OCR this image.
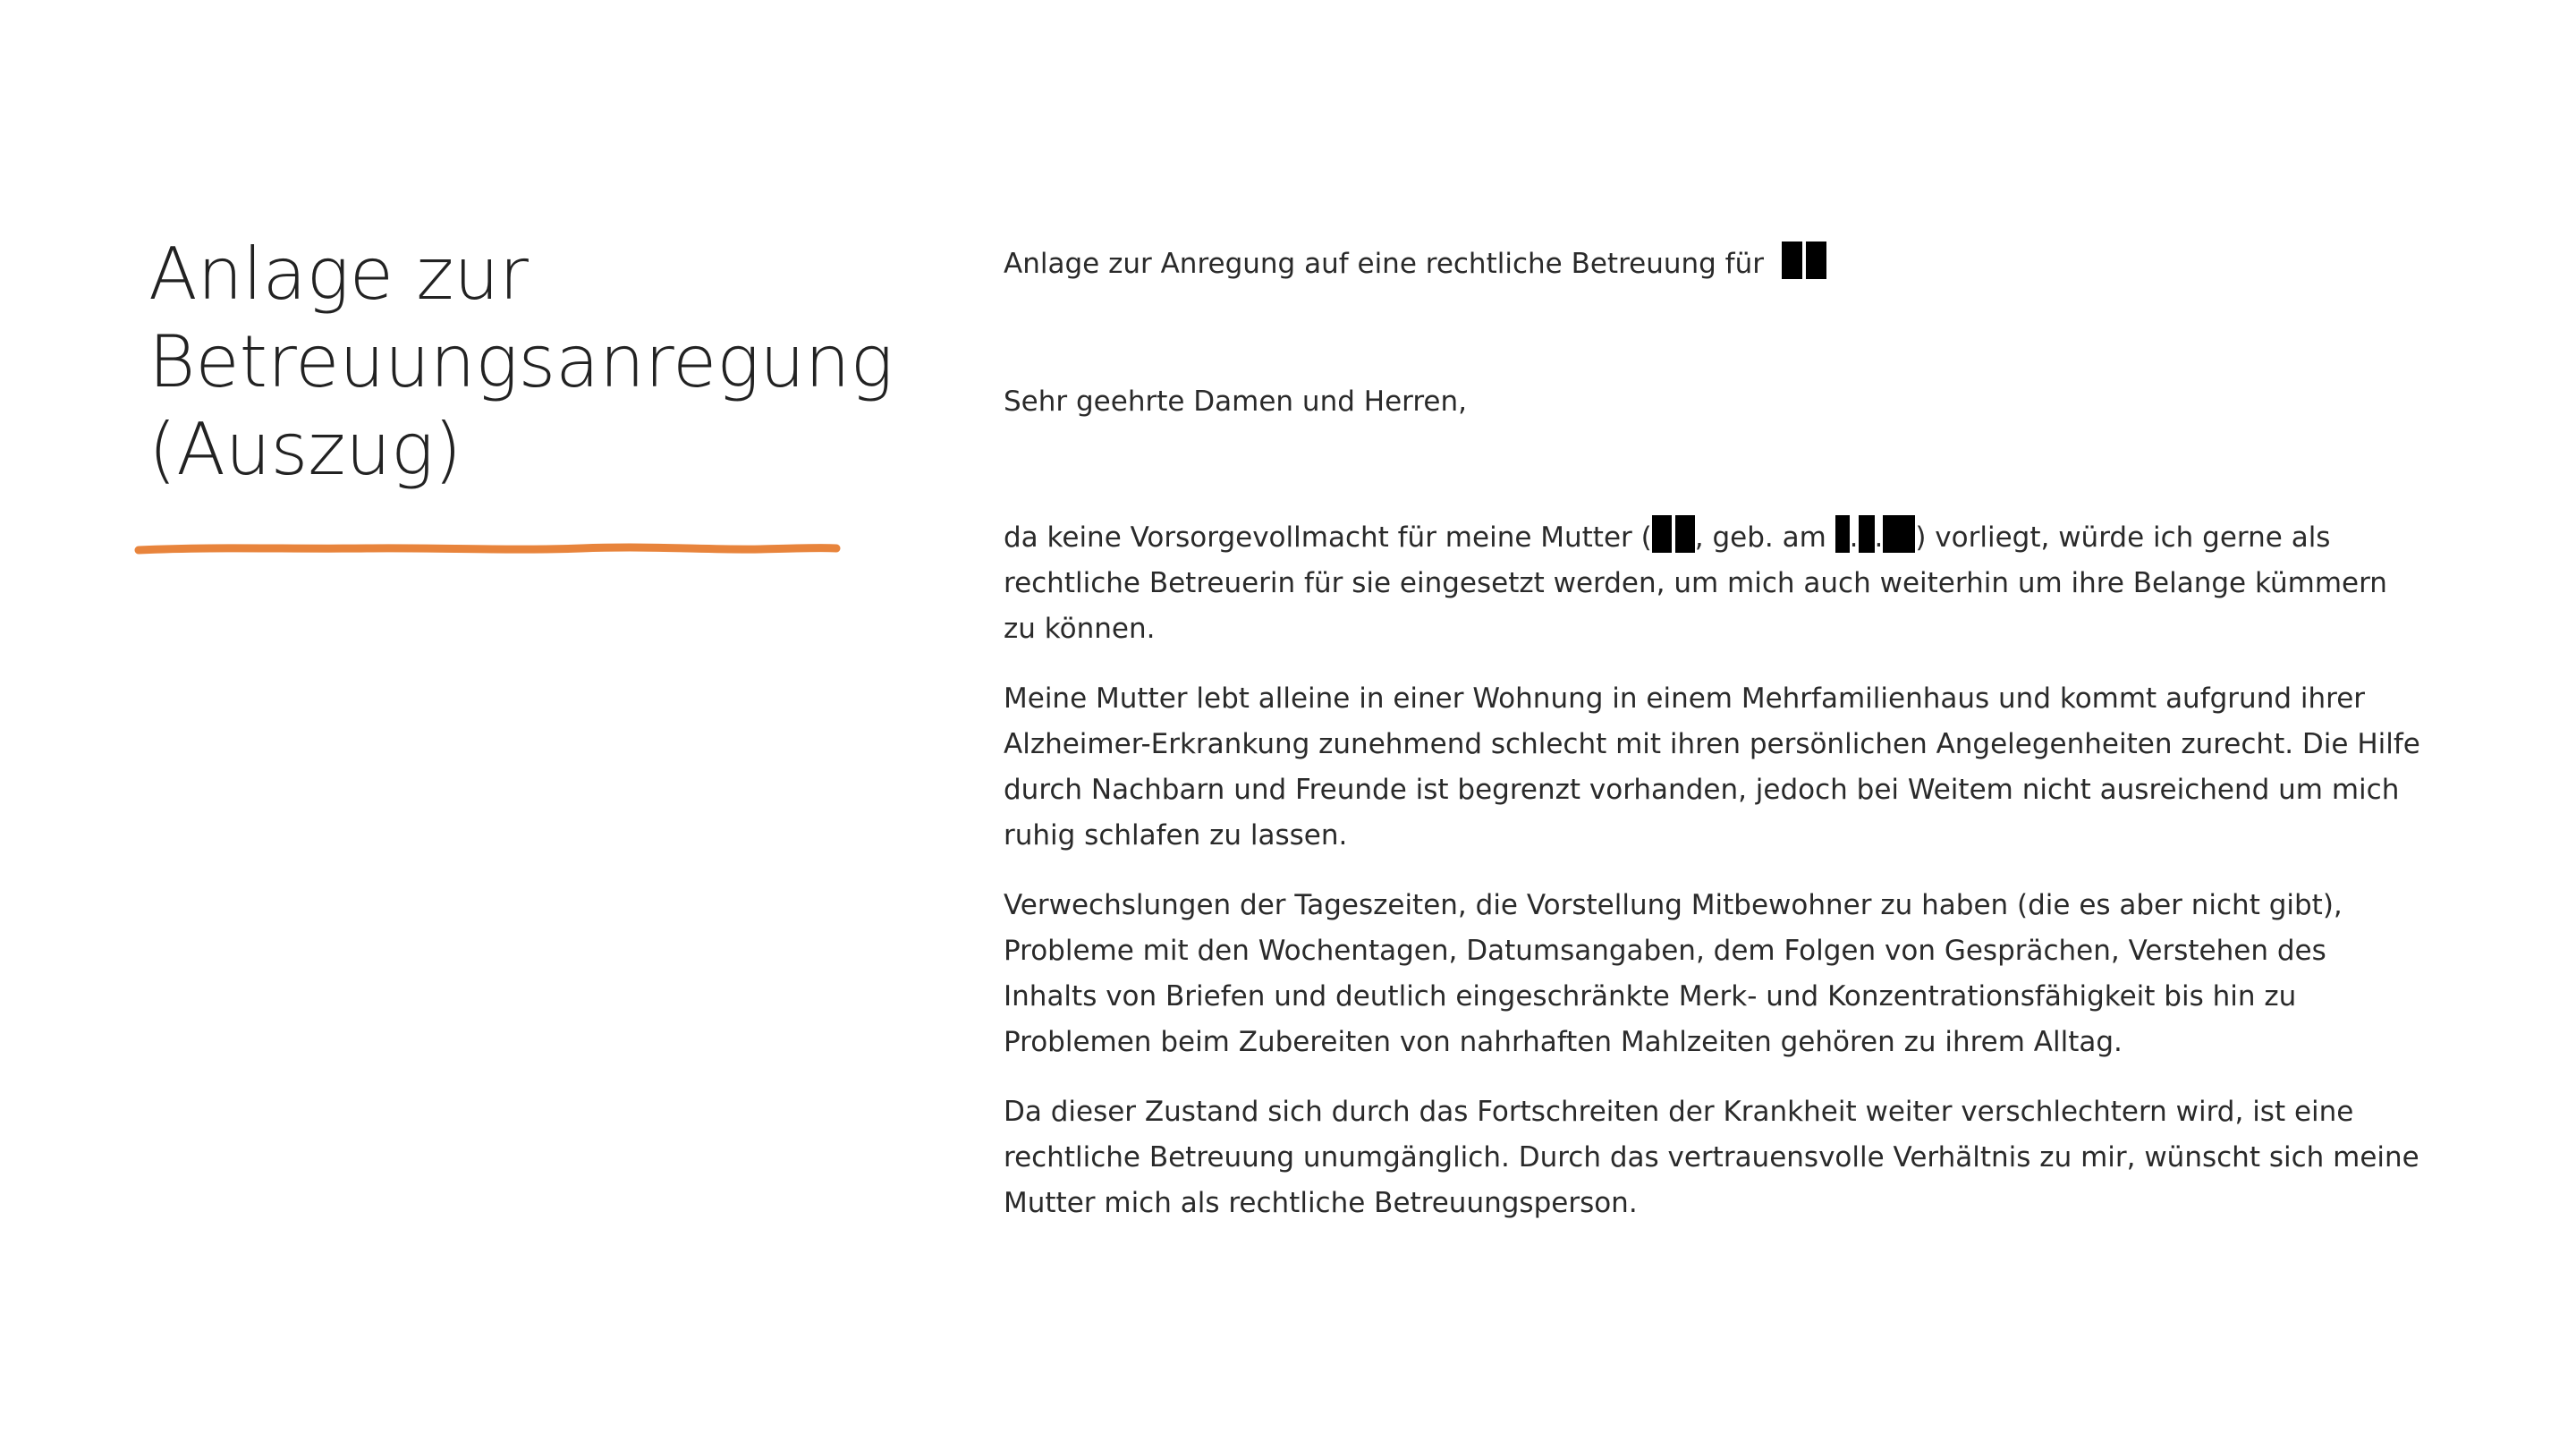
Anlage zur
Betreuungsanregung
(Auszug)

Anlage zur Anregung auf eine rechtliche Betreuung für

Sehr geehrte Damen und Herren,

da keine Vorsorgevollmacht für meine Mutter ( , geb. am . . ) vorliegt, würde ich gerne als

rechtliche Betreuerin für sie eingesetzt werden, um mich auch weiterhin um ihre Belange kümmern

zu können.

Meine Mutter lebt alleine in einer Wohnung in einem Mehrfamilienhaus und kommt aufgrund ihrer

Alzheimer-Erkrankung zunehmend schlecht mit ihren persönlichen Angelegenheiten zurecht. Die Hilfe

durch Nachbarn und Freunde ist begrenzt vorhanden, jedoch bei Weitem nicht ausreichend um mich

ruhig schlafen zu lassen.

Verwechslungen der Tageszeiten, die Vorstellung Mitbewohner zu haben (die es aber nicht gibt),

Probleme mit den Wochentagen, Datumsangaben, dem Folgen von Gesprächen, Verstehen des

Inhalts von Briefen und deutlich eingeschränkte Merk- und Konzentrationsfähigkeit bis hin zu

Problemen beim Zubereiten von nahrhaften Mahlzeiten gehören zu ihrem Alltag.

Da dieser Zustand sich durch das Fortschreiten der Krankheit weiter verschlechtern wird, ist eine

rechtliche Betreuung unumgänglich. Durch das vertrauensvolle Verhältnis zu mir, wünscht sich meine

Mutter mich als rechtliche Betreuungsperson.
